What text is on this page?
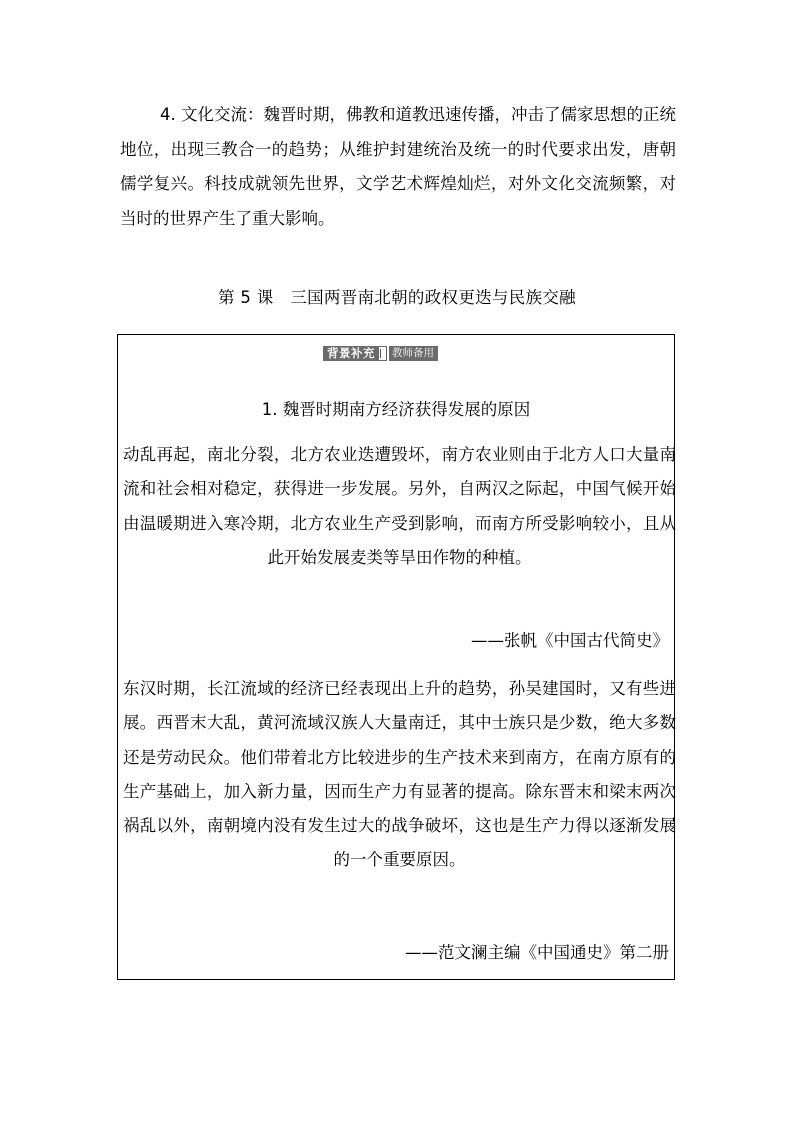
4. 文化交流：魏晋时期，佛教和道教迅速传播，冲击了儒家思想的正统地位，出现三教合一的趋势；从维护封建统治及统一的时代要求出发，唐朝儒学复兴。科技成就领先世界，文学艺术辉煌灿烂，对外文化交流频繁，对当时的世界产生了重大影响。

第 5 课　三国两晋南北朝的政权更迭与民族交融
背景补充 教师备用
1. 魏晋时期南方经济获得发展的原因
动乱再起，南北分裂，北方农业迭遭毁坏，南方农业则由于北方人口大量南流和社会相对稳定，获得进一步发展。另外，自两汉之际起，中国气候开始由温暖期进入寒冷期，北方农业生产受到影响，而南方所受影响较小，且从此开始发展麦类等旱田作物的种植。
——张帆《中国古代简史》
东汉时期，长江流域的经济已经表现出上升的趋势，孙吴建国时，又有些进展。西晋末大乱，黄河流域汉族人大量南迁，其中士族只是少数，绝大多数还是劳动民众。他们带着北方比较进步的生产技术来到南方，在南方原有的生产基础上，加入新力量，因而生产力有显著的提高。除东晋末和梁末两次祸乱以外，南朝境内没有发生过大的战争破坏，这也是生产力得以逐渐发展的一个重要原因。
——范文澜主编《中国通史》第二册
